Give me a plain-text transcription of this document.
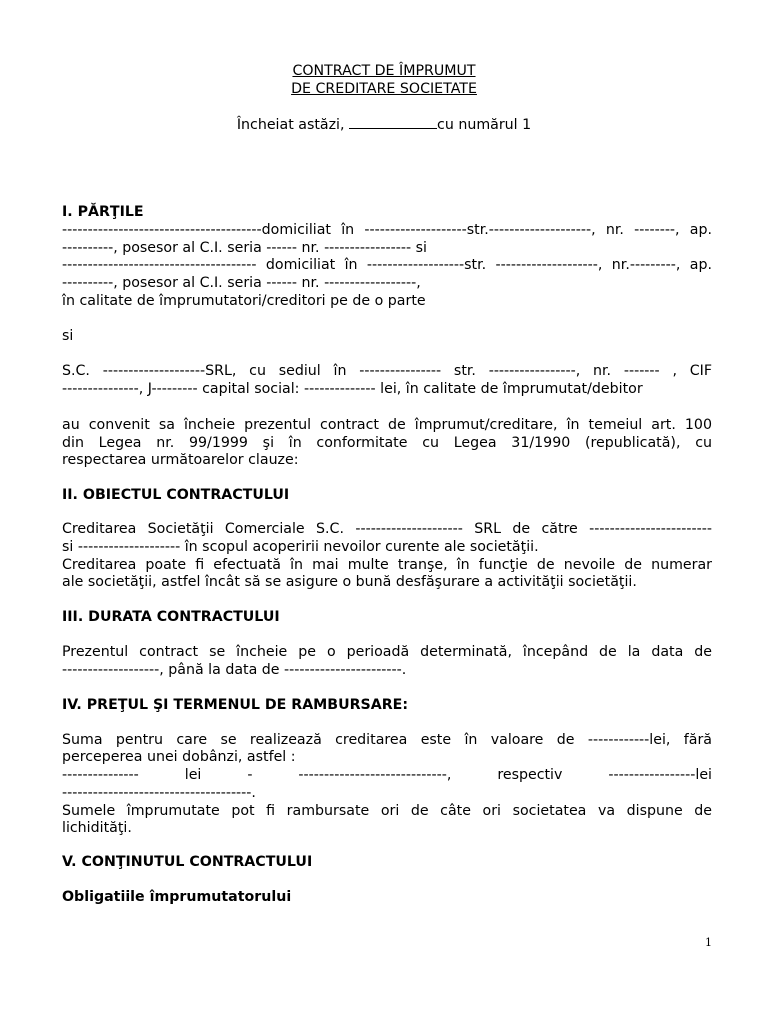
CONTRACT DE ÎMPRUMUT
DE CREDITARE SOCIETATE
Încheiat astăzi,	cu numărul 1
I. PĂRŢILE
---------------------------------------domiciliat în --------------------str.--------------------, nr. --------, ap.
----------, posesor al C.I. seria ------ nr. ----------------- si
-------------------------------------- domiciliat în -------------------str. --------------------, nr.---------, ap.
----------, posesor al C.I. seria ------ nr. ------------------,
în calitate de împrumutatori/creditori pe de o parte
si
S.C. --------------------SRL, cu sediul în ---------------- str. -----------------, nr. ------- , CIF
---------------, J--------- capital social: -------------- lei, în calitate de împrumutat/debitor
au convenit sa încheie prezentul contract de împrumut/creditare, în temeiul art. 100
din Legea nr. 99/1999 şi în conformitate cu Legea 31/1990 (republicată), cu
respectarea următoarelor clauze:
II. OBIECTUL CONTRACTULUI
Creditarea Societăţii Comerciale S.C. --------------------- SRL de către ------------------------
si -------------------- în scopul acoperirii nevoilor curente ale societăţii.
Creditarea poate fi efectuată în mai multe tranşe, în funcţie de nevoile de numerar
ale societăţii, astfel încât să se asigure o bună desfăşurare a activităţii societăţii.
III. DURATA CONTRACTULUI
Prezentul contract se încheie pe o perioadă determinată, începând de la data de
-------------------, până la data de -----------------------.
IV. PREŢUL ŞI TERMENUL DE RAMBURSARE:
Suma pentru care se realizează creditarea este în valoare de ------------lei, fără
perceperea unei dobânzi, astfel :
--------------- lei - -----------------------------, respectiv -----------------lei
-------------------------------------.
Sumele împrumutate pot fi rambursate ori de câte ori societatea va dispune de
lichidităţi.
V. CONŢINUTUL CONTRACTULUI
Obligatiile împrumutatorului
1
